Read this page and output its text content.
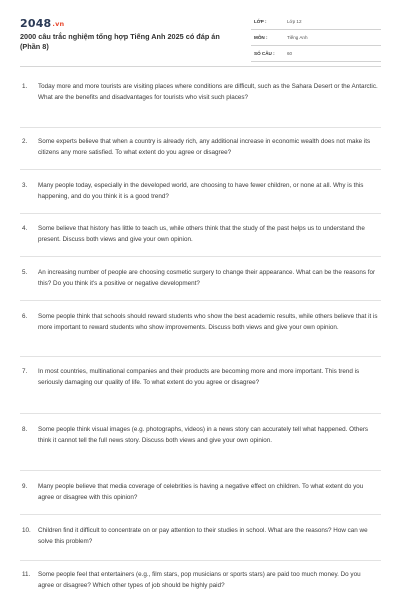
2048.vn
2000 câu trắc nghiệm tổng hợp Tiếng Anh 2025 có đáp án (Phần 8)
LỚP :	Lớp 12
MÔN :	Tiếng Anh
SỐ CÂU :	60
1.	Today more and more tourists are visiting places where conditions are difficult, such as the Sahara Desert or the Antarctic. What are the benefits and disadvantages for tourists who visit such places?
2.	Some experts believe that when a country is already rich, any additional increase in economic wealth does not make its citizens any more satisfied. To what extent do you agree or disagree?
3.	Many people today, especially in the developed world, are choosing to have fewer children, or none at all. Why is this happening, and do you think it is a good trend?
4.	Some believe that history has little to teach us, while others think that the study of the past helps us to understand the present. Discuss both views and give your own opinion.
5.	An increasing number of people are choosing cosmetic surgery to change their appearance. What can be the reasons for this? Do you think it's a positive or negative development?
6.	Some people think that schools should reward students who show the best academic results, while others believe that it is more important to reward students who show improvements. Discuss both views and give your own opinion.
7.	In most countries, multinational companies and their products are becoming more and more important. This trend is seriously damaging our quality of life. To what extent do you agree or disagree?
8.	Some people think visual images (e.g. photographs, videos) in a news story can accurately tell what happened. Others think it cannot tell the full news story. Discuss both views and give your own opinion.
9.	Many people believe that media coverage of celebrities is having a negative effect on children. To what extent do you agree or disagree with this opinion?
10.	Children find it difficult to concentrate on or pay attention to their studies in school. What are the reasons? How can we solve this problem?
11.	Some people feel that entertainers (e.g., film stars, pop musicians or sports stars) are paid too much money. Do you agree or disagree? Which other types of job should be highly paid?
